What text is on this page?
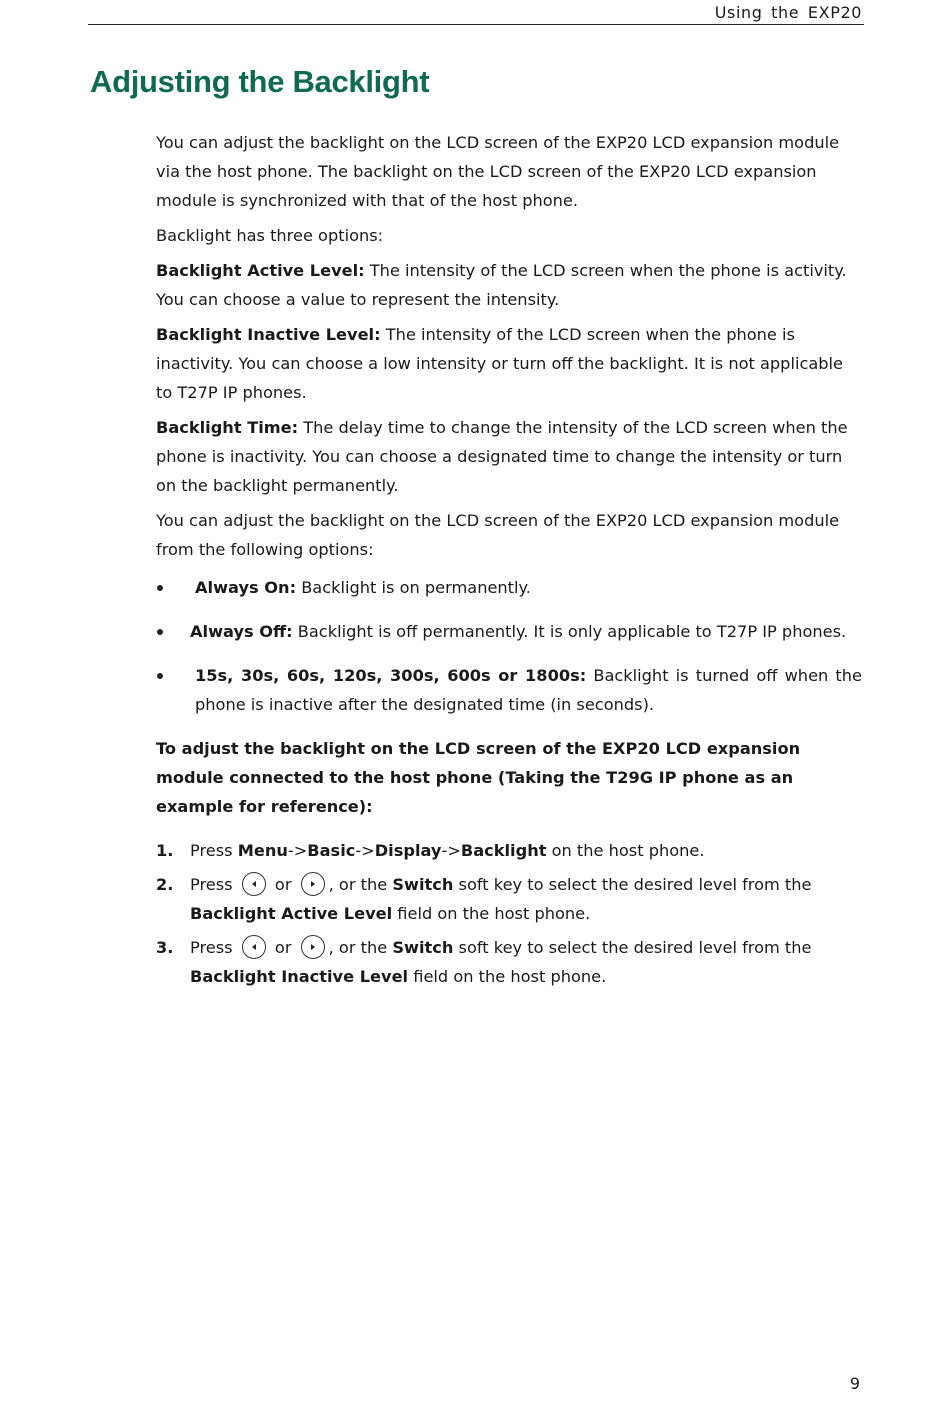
Using the EXP20
Adjusting the Backlight

You can adjust the backlight on the LCD screen of the EXP20 LCD expansion module via the host phone. The backlight on the LCD screen of the EXP20 LCD expansion module is synchronized with that of the host phone.

Backlight has three options:

Backlight Active Level: The intensity of the LCD screen when the phone is activity. You can choose a value to represent the intensity.

Backlight Inactive Level: The intensity of the LCD screen when the phone is inactivity. You can choose a low intensity or turn off the backlight. It is not applicable to T27P IP phones.

Backlight Time: The delay time to change the intensity of the LCD screen when the phone is inactivity. You can choose a designated time to change the intensity or turn on the backlight permanently.

You can adjust the backlight on the LCD screen of the EXP20 LCD expansion module from the following options:

Always On: Backlight is on permanently.
Always Off: Backlight is off permanently. It is only applicable to T27P IP phones.
15s, 30s, 60s, 120s, 300s, 600s or 1800s: Backlight is turned off when the phone is inactive after the designated time (in seconds).

To adjust the backlight on the LCD screen of the EXP20 LCD expansion module connected to the host phone (Taking the T29G IP phone as an example for reference):

1. Press Menu->Basic->Display->Backlight on the host phone.
2. Press	or , or the Switch soft key to select the desired level from the Backlight Active Level field on the host phone.
3. Press	or , or the Switch soft key to select the desired level from the Backlight Inactive Level field on the host phone.
9
